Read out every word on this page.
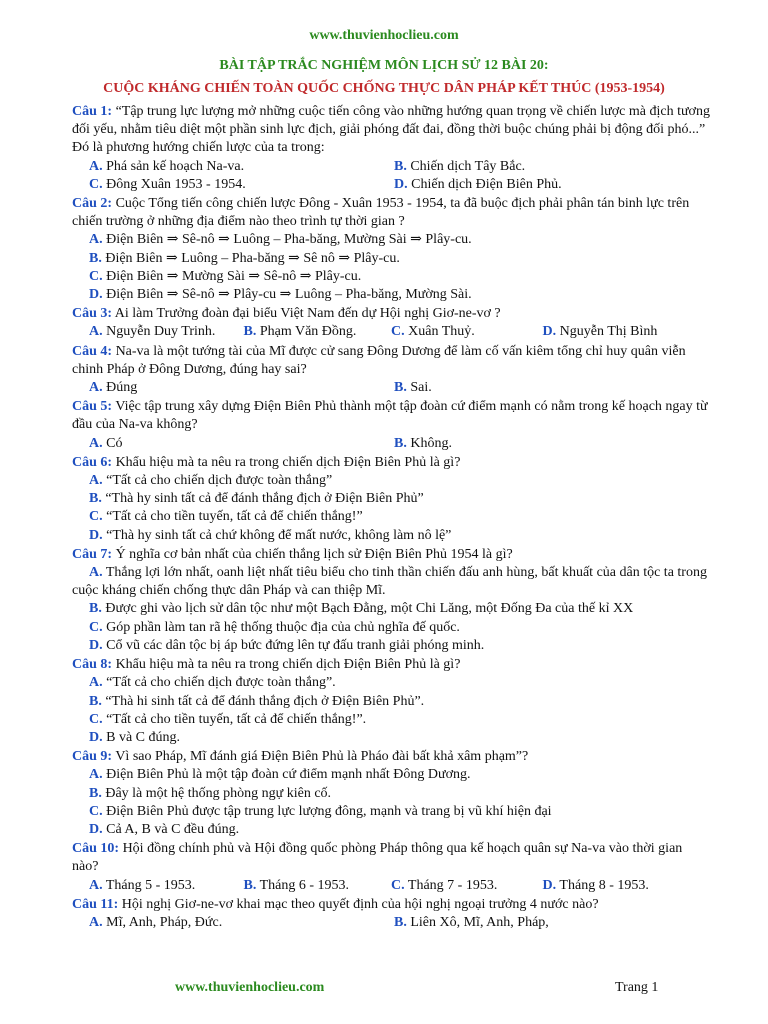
www.thuvienhoclieu.com
BÀI TẬP TRẮC NGHIỆM MÔN LỊCH SỬ 12 BÀI 20:
CUỘC KHÁNG CHIẾN TOÀN QUỐC CHỐNG THỰC DÂN PHÁP KẾT THÚC (1953-1954)
Câu 1: “Tập trung lực lượng mở những cuộc tiến công vào những hướng quan trọng về chiến lược mà địch tương đối yếu, nhằm tiêu diệt một phần sinh lực địch, giải phóng đất đai, đồng thời buộc chúng phải bị động đối phó...” Đó là phương hướng chiến lược của ta trong:
A. Phá sản kế hoạch Na-va.	B. Chiến dịch Tây Bắc.
C. Đông Xuân 1953 - 1954.	D. Chiến dịch Điện Biên Phủ.
Câu 2: Cuộc Tổng tiến công chiến lược Đông - Xuân 1953 - 1954, ta đã buộc địch phải phân tán binh lực trên chiến trường ở những địa điểm nào theo trình tự thời gian ?
A. Điện Biên ⇒ Sê-nô ⇒ Luông – Pha-băng, Mường Sài ⇒ Plây-cu.
B. Điện Biên ⇒ Luông – Pha-băng ⇒ Sê nô ⇒ Plây-cu.
C. Điện Biên ⇒ Mường Sài ⇒ Sê-nô ⇒ Plây-cu.
D. Điện Biên ⇒ Sê-nô ⇒ Plây-cu ⇒ Luông – Pha-băng, Mường Sài.
Câu 3: Ai làm Trưởng đoàn đại biểu Việt Nam đến dự Hội nghị Giơ-ne-vơ ?
A. Nguyễn Duy Trinh.	B. Phạm Văn Đồng.	C. Xuân Thuỷ.	D. Nguyễn Thị Bình
Câu 4: Na-va là một tướng tài của Mĩ được cử sang Đông Dương để làm cố vấn kiêm tổng chỉ huy quân viễn chinh Pháp ở Đông Dương, đúng hay sai?
A. Đúng	B. Sai.
Câu 5: Việc tập trung xây dựng Điện Biên Phủ thành một tập đoàn cứ điểm mạnh có nằm trong kế hoạch ngay từ đầu của Na-va không?
A. Có	B. Không.
Câu 6: Khẩu hiệu mà ta nêu ra trong chiến dịch Điện Biên Phủ là gì?
A. “Tất cả cho chiến dịch được toàn thắng”
B. “Thà hy sinh tất cả để đánh thắng địch ở Điện Biên Phủ”
C. “Tất cả cho tiền tuyến, tất cả để chiến thắng!”
D. “Thà hy sinh tất cả chứ không để mất nước, không làm nô lệ”
Câu 7: Ý nghĩa cơ bản nhất của chiến thắng lịch sử Điện Biên Phủ 1954 là gì?
A. Thắng lợi lớn nhất, oanh liệt nhất tiêu biểu cho tinh thần chiến đấu anh hùng, bất khuất của dân tộc ta trong cuộc kháng chiến chống thực dân Pháp và can thiệp Mĩ.
B. Được ghi vào lịch sử dân tộc như một Bạch Đằng, một Chi Lăng, một Đống Đa của thế kỉ XX
C. Góp phần làm tan rã hệ thống thuộc địa của chủ nghĩa đế quốc.
D. Cổ vũ các dân tộc bị áp bức đứng lên tự đấu tranh giải phóng minh.
Câu 8: Khẩu hiệu mà ta nêu ra trong chiến dịch Điện Biên Phủ là gì?
A. “Tất cả cho chiến dịch được toàn thắng”.
B. “Thà hi sinh tất cả để đánh thắng địch ở Điện Biên Phủ”.
C. “Tất cả cho tiền tuyến, tất cả để chiến thắng!”.
D. B và C đúng.
Câu 9: Vì sao Pháp, Mĩ đánh giá Điện Biên Phủ là Pháo đài bất khả xâm phạm”?
A. Điện Biên Phủ là một tập đoàn cứ điểm mạnh nhất Đông Dương.
B. Đây là một hệ thống phòng ngự kiên cố.
C. Điện Biên Phủ được tập trung lực lượng đông, mạnh và trang bị vũ khí hiện đại
D. Cả A, B và C đều đúng.
Câu 10: Hội đồng chính phủ và Hội đồng quốc phòng Pháp thông qua kế hoạch quân sự Na-va vào thời gian nào?
A. Tháng 5 - 1953.	B. Tháng 6 - 1953.	C. Tháng 7 - 1953.	D. Tháng 8 - 1953.
Câu 11: Hội nghị Giơ-ne-vơ khai mạc theo quyết định của hội nghị ngoại trưởng 4 nước nào?
A. Mĩ, Anh, Pháp, Đức.	B. Liên Xô, Mĩ, Anh, Pháp,
www.thuvienhoclieu.com	Trang 1
